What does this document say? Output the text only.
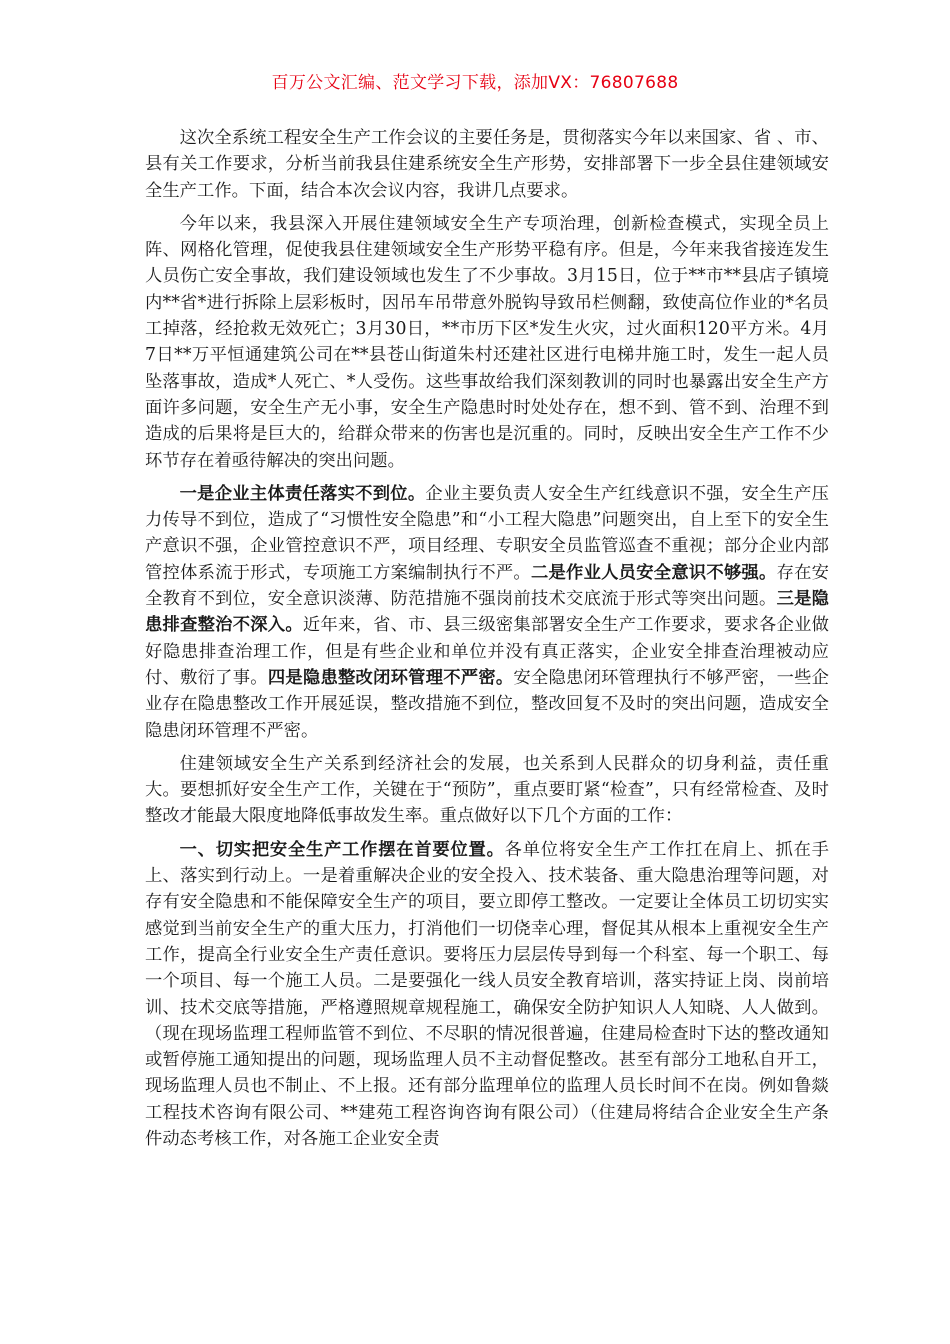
百万公文汇编、范文学习下载，添加VX：76807688

这次全系统工程安全生产工作会议的主要任务是，贯彻落实今年以来国家、省 、市、县有关工作要求，分析当前我县住建系统安全生产形势，安排部署下一步全县住建领域安全生产工作。下面，结合本次会议内容，我讲几点要求。

今年以来，我县深入开展住建领域安全生产专项治理，创新检查模式，实现全员上阵、网格化管理，促使我县住建领域安全生产形势平稳有序。但是，今年来我省接连发生人员伤亡安全事故，我们建设领域也发生了不少事故。3月15日，位于**市**县店子镇境内**省*进行拆除上层彩板时，因吊车吊带意外脱钩导致吊栏侧翻，致使高位作业的*名员工掉落，经抢救无效死亡；3月30日，**市历下区*发生火灾，过火面积120平方米。4月7日**万平恒通建筑公司在**县苍山街道朱村还建社区进行电梯井施工时，发生一起人员坠落事故，造成*人死亡、*人受伤。这些事故给我们深刻教训的同时也暴露出安全生产方面许多问题，安全生产无小事，安全生产隐患时时处处存在，想不到、管不到、治理不到造成的后果将是巨大的，给群众带来的伤害也是沉重的。同时，反映出安全生产工作不少环节存在着亟待解决的突出问题。

一是企业主体责任落实不到位。企业主要负责人安全生产红线意识不强，安全生产压力传导不到位，造成了“习惯性安全隐患”和“小工程大隐患”问题突出，自上至下的安全生产意识不强，企业管控意识不严，项目经理、专职安全员监管巡查不重视；部分企业内部管控体系流于形式，专项施工方案编制执行不严。二是作业人员安全意识不够强。存在安全教育不到位，安全意识淡薄、防范措施不强岗前技术交底流于形式等突出问题。三是隐患排查整治不深入。近年来，省、市、县三级密集部署安全生产工作要求，要求各企业做好隐患排查治理工作，但是有些企业和单位并没有真正落实，企业安全排查治理被动应付、敷衍了事。四是隐患整改闭环管理不严密。安全隐患闭环管理执行不够严密，一些企业存在隐患整改工作开展延误，整改措施不到位，整改回复不及时的突出问题，造成安全隐患闭环管理不严密。

住建领域安全生产关系到经济社会的发展，也关系到人民群众的切身利益，责任重大。要想抓好安全生产工作，关键在于“预防”，重点要盯紧“检查”，只有经常检查、及时整改才能最大限度地降低事故发生率。重点做好以下几个方面的工作：

一、切实把安全生产工作摆在首要位置。各单位将安全生产工作扛在肩上、抓在手上、落实到行动上。一是着重解决企业的安全投入、技术装备、重大隐患治理等问题，对存有安全隐患和不能保障安全生产的项目，要立即停工整改。一定要让全体员工切切实实感觉到当前安全生产的重大压力，打消他们一切侥幸心理，督促其从根本上重视安全生产工作，提高全行业安全生产责任意识。要将压力层层传导到每一个科室、每一个职工、每一个项目、每一个施工人员。二是要强化一线人员安全教育培训，落实持证上岗、岗前培训、技术交底等措施，严格遵照规章规程施工，确保安全防护知识人人知晓、人人做到。（现在现场监理工程师监管不到位、不尽职的情况很普遍，住建局检查时下达的整改通知或暂停施工通知提出的问题，现场监理人员不主动督促整改。甚至有部分工地私自开工，现场监理人员也不制止、不上报。还有部分监理单位的监理人员长时间不在岗。例如鲁燚工程技术咨询有限公司、**建苑工程咨询咨询有限公司）（住建局将结合企业安全生产条件动态考核工作，对各施工企业安全责
